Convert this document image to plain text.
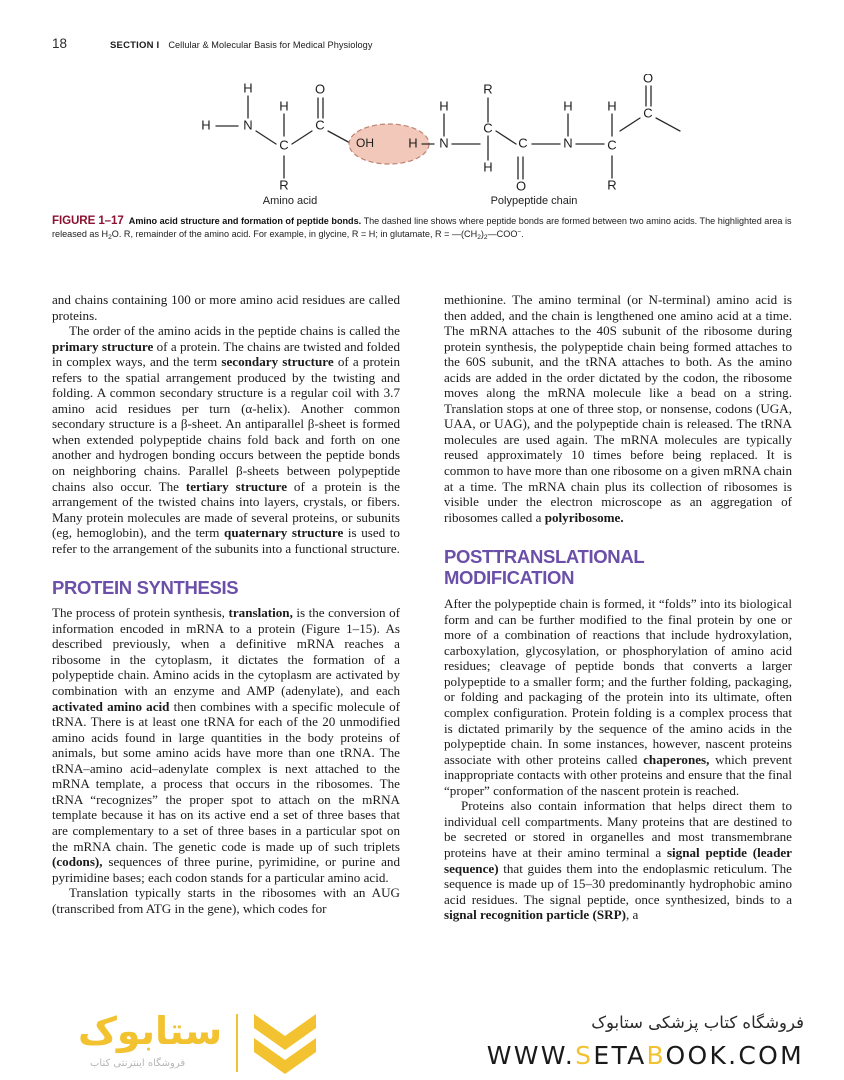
18	SECTION I Cellular & Molecular Basis for Medical Physiology
H	N
H
C
H
R
C
O
OH	H N
H
C
R
H
C
O
N
H
C
H
R
C
O
Amino acid	Polypeptide chain
FIGURE 1–17 Amino acid structure and formation of peptide bonds. The dashed line shows where peptide bonds are formed between two amino acids. The highlighted area is released as $H_2O$. R, remainder of the amino acid. For example, in glycine, R = H; in glutamate, $R = —(CH_2)_2—COO^-$.

and chains containing 100 or more amino acid residues are called proteins.

The order of the amino acids in the peptide chains is called the primary structure of a protein. The chains are twisted and folded in complex ways, and the term secondary structure of a protein refers to the spatial arrangement produced by the twisting and folding. A common secondary structure is a regular coil with 3.7 amino acid residues per turn (α-helix). Another common secondary structure is a β-sheet. An antiparallel β-sheet is formed when extended polypeptide chains fold back and forth on one another and hydrogen bonding occurs between the peptide bonds on neighboring chains. Parallel β-sheets between polypeptide chains also occur. The tertiary structure of a protein is the arrangement of the twisted chains into layers, crystals, or fibers. Many protein molecules are made of several proteins, or subunits (eg, hemoglobin), and the term quaternary structure is used to refer to the arrangement of the subunits into a functional structure.

PROTEIN SYNTHESIS

The process of protein synthesis, translation, is the conversion of information encoded in mRNA to a protein (Figure 1–15). As described previously, when a definitive mRNA reaches a ribosome in the cytoplasm, it dictates the formation of a polypeptide chain. Amino acids in the cytoplasm are activated by combination with an enzyme and AMP (adenylate), and each activated amino acid then combines with a specific molecule of tRNA. There is at least one tRNA for each of the 20 unmodified amino acids found in large quantities in the body proteins of animals, but some amino acids have more than one tRNA. The tRNA–amino acid–adenylate complex is next attached to the mRNA template, a process that occurs in the ribosomes. The tRNA “recognizes” the proper spot to attach on the mRNA template because it has on its active end a set of three bases that are complementary to a set of three bases in a particular spot on the mRNA chain. The genetic code is made up of such triplets (codons), sequences of three purine, pyrimidine, or purine and pyrimidine bases; each codon stands for a particular amino acid.

Translation typically starts in the ribosomes with an AUG (transcribed from ATG in the gene), which codes for

methionine. The amino terminal (or N-terminal) amino acid is then added, and the chain is lengthened one amino acid at a time. The mRNA attaches to the 40S subunit of the ribosome during protein synthesis, the polypeptide chain being formed attaches to the 60S subunit, and the tRNA attaches to both. As the amino acids are added in the order dictated by the codon, the ribosome moves along the mRNA molecule like a bead on a string. Translation stops at one of three stop, or nonsense, codons (UGA, UAA, or UAG), and the polypeptide chain is released. The tRNA molecules are used again. The mRNA molecules are typically reused approximately 10 times before being replaced. It is common to have more than one ribosome on a given mRNA chain at a time. The mRNA chain plus its collection of ribosomes is visible under the electron microscope as an aggregation of ribosomes called a polyribosome.

POSTTRANSLATIONAL
MODIFICATION

After the polypeptide chain is formed, it “folds” into its biological form and can be further modified to the final protein by one or more of a combination of reactions that include hydroxylation, carboxylation, glycosylation, or phosphorylation of amino acid residues; cleavage of peptide bonds that converts a larger polypeptide to a smaller form; and the further folding, packaging, or folding and packaging of the protein into its ultimate, often complex configuration. Protein folding is a complex process that is dictated primarily by the sequence of the amino acids in the polypeptide chain. In some instances, however, nascent proteins associate with other proteins called chaperones, which prevent inappropriate contacts with other proteins and ensure that the final “proper” conformation of the nascent protein is reached.

Proteins also contain information that helps direct them to individual cell compartments. Many proteins that are destined to be secreted or stored in organelles and most transmembrane proteins have at their amino terminal a signal peptide (leader sequence) that guides them into the endoplasmic reticulum. The sequence is made up of 15–30 predominantly hydrophobic amino acid residues. The signal peptide, once synthesized, binds to a signal recognition particle (SRP), a

ستابوک
فروشگاه اینترنتی کتاب
فروشگاه کتاب پزشکی ستابوک
WWW.SETABOOK.COM
